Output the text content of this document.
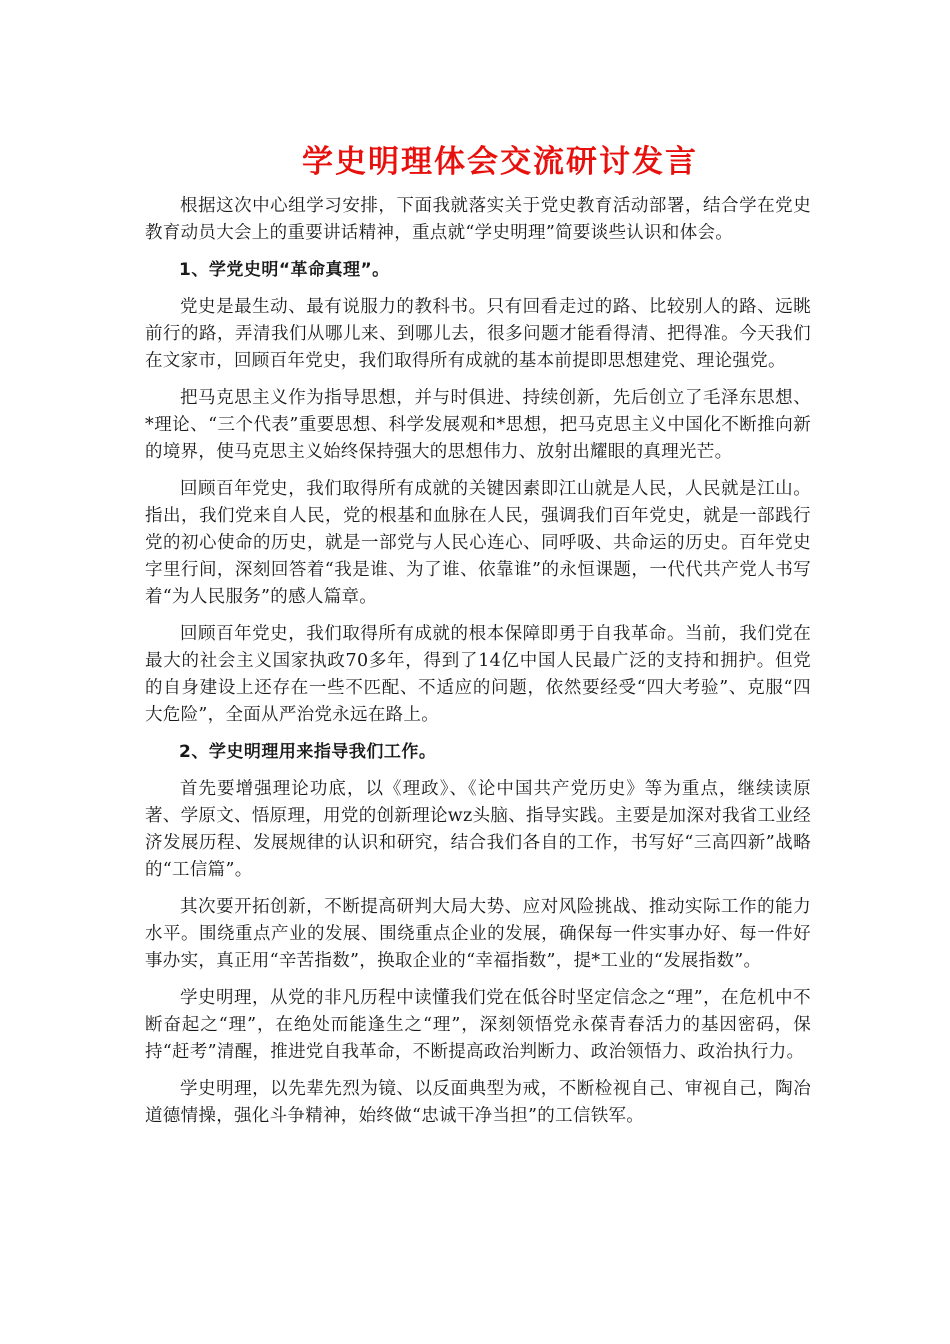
学史明理体会交流研讨发言

根据这次中心组学习安排，下面我就落实关于党史教育活动部署，结合学在党史教育动员大会上的重要讲话精神，重点就“学史明理”简要谈些认识和体会。

1、学党史明“革命真理”。

党史是最生动、最有说服力的教科书。只有回看走过的路、比较别人的路、远眺前行的路，弄清我们从哪儿来、到哪儿去，很多问题才能看得清、把得准。今天我们在文家市，回顾百年党史，我们取得所有成就的基本前提即思想建党、理论强党。

把马克思主义作为指导思想，并与时俱进、持续创新，先后创立了毛泽东思想、*理论、“三个代表”重要思想、科学发展观和*思想，把马克思主义中国化不断推向新的境界，使马克思主义始终保持强大的思想伟力、放射出耀眼的真理光芒。

回顾百年党史，我们取得所有成就的关键因素即江山就是人民，人民就是江山。指出，我们党来自人民，党的根基和血脉在人民，强调我们百年党史，就是一部践行党的初心使命的历史，就是一部党与人民心连心、同呼吸、共命运的历史。百年党史字里行间，深刻回答着“我是谁、为了谁、依靠谁”的永恒课题，一代代共产党人书写着“为人民服务”的感人篇章。

回顾百年党史，我们取得所有成就的根本保障即勇于自我革命。当前，我们党在最大的社会主义国家执政70多年，得到了14亿中国人民最广泛的支持和拥护。但党的自身建设上还存在一些不匹配、不适应的问题，依然要经受“四大考验”、克服“四大危险”，全面从严治党永远在路上。

2、学史明理用来指导我们工作。

首先要增强理论功底，以《理政》、《论中国共产党历史》等为重点，继续读原著、学原文、悟原理，用党的创新理论wz头脑、指导实践。主要是加深对我省工业经济发展历程、发展规律的认识和研究，结合我们各自的工作，书写好“三高四新”战略的“工信篇”。

其次要开拓创新，不断提高研判大局大势、应对风险挑战、推动实际工作的能力水平。围绕重点产业的发展、围绕重点企业的发展，确保每一件实事办好、每一件好事办实，真正用“辛苦指数”，换取企业的“幸福指数”，提*工业的“发展指数”。

学史明理，从党的非凡历程中读懂我们党在低谷时坚定信念之“理”，在危机中不断奋起之“理”，在绝处而能逢生之“理”，深刻领悟党永葆青春活力的基因密码，保持“赶考”清醒，推进党自我革命，不断提高政治判断力、政治领悟力、政治执行力。

学史明理，以先辈先烈为镜、以反面典型为戒，不断检视自己、审视自己，陶冶道德情操，强化斗争精神，始终做“忠诚干净当担”的工信铁军。
